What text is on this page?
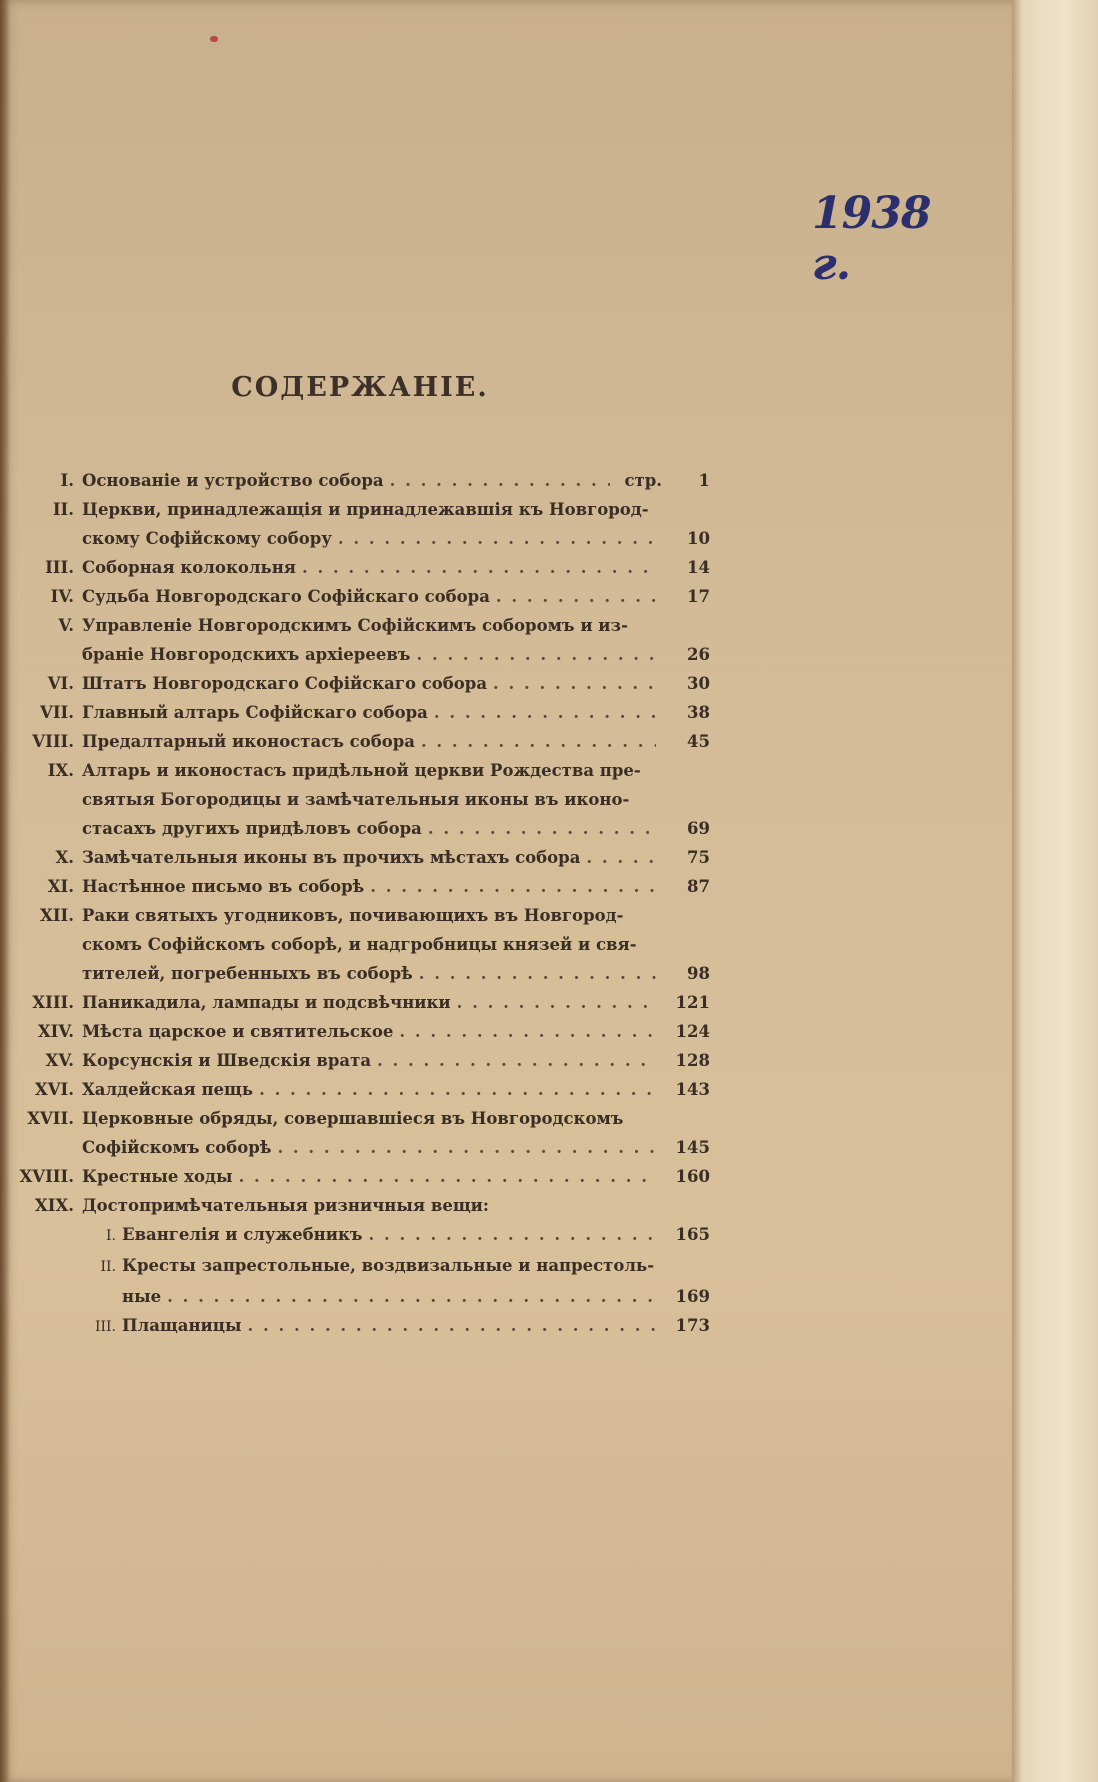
1938 г.
СОДЕРЖАНІЕ.
I. Основаніе и устройство собора . . .	стр.	1
II. Церкви, принадлежащія и принадлежавшія къ Новгород-
скому Софійскому собору . . .	10
III. Соборная колокольня . . .	14
IV. Судьба Новгородскаго Софійскаго собора . . .	17
V. Управленіе Новгородскимъ Софійскимъ соборомъ и из-
браніе Новгородскихъ архіереевъ . . .	26
VI. Штатъ Новгородскаго Софійскаго собора . . .	30
VII. Главный алтарь Софійскаго собора . . .	38
VIII. Предалтарный иконостасъ собора . . .	45
IX. Алтарь и иконостасъ придѣльной церкви Рождества пре-
святыя Богородицы и замѣчательныя иконы въ иконо-
стасахъ другихъ придѣловъ собора . . .	69
X. Замѣчательныя иконы въ прочихъ мѣстахъ собора . . .	75
XI. Настѣнное письмо въ соборѣ . . .	87
XII. Раки святыхъ угодниковъ, почивающихъ въ Новгород-
скомъ Софійскомъ соборѣ, и надгробницы князей и свя-
тителей, погребенныхъ въ соборѣ . . .	98
XIII. Паникадила, лампады и подсвѣчники . . .	121
XIV. Мѣста царское и святительское . . .	124
XV. Корсунскія и Шведскія врата . . .	128
XVI. Халдейская пещь . . .	143
XVII. Церковные обряды, совершавшіеся въ Новгородскомъ
Софійскомъ соборѣ . . .	145
XVIII. Крестные ходы . . .	160
XIX. Достопримѣчательныя ризничныя вещи:
I. Евангелія и служебникъ . . .	165
II. Кресты запрестольные, воздвизальные и напрестоль-
ные . . .	169
III. Плащаницы . . .	173
